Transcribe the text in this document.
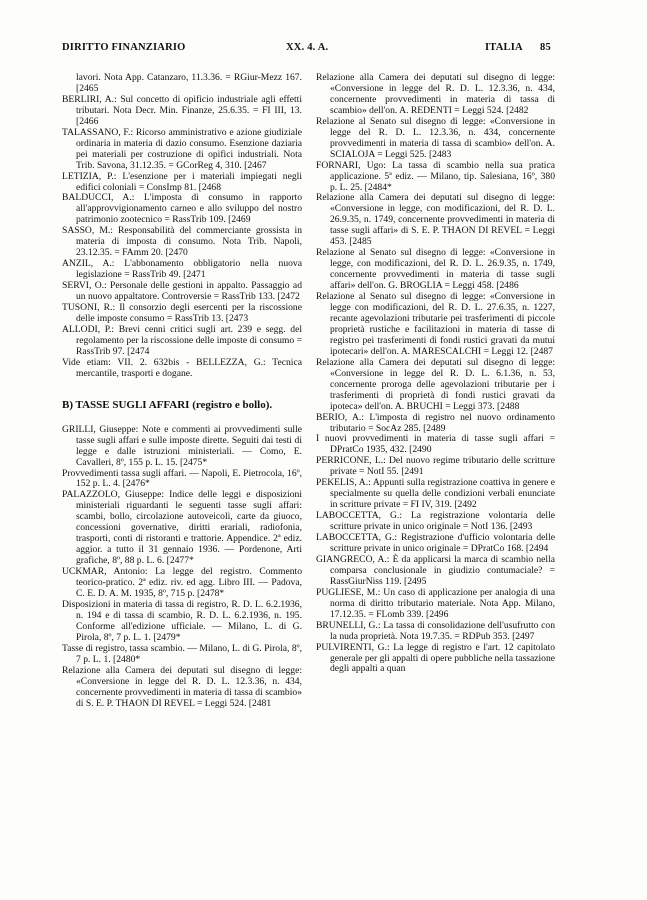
DIRITTO FINANZIARIO	XX. 4. A.	ITALIA 85

lavori. Nota App. Catanzaro, 11.3.36. = RGiur-Mezz 167. [2465

BERLIRI, A.: Sul concetto di opificio industriale agli effetti tributari. Nota Decr. Min. Finanze, 25.6.35. = FI III, 13. [2466

TALASSANO, F.: Ricorso amministrativo e azione giudiziale ordinaria in materia di dazio consumo. Esenzione daziaria pei materiali per costruzione di opifici industriali. Nota Trib. Savona, 31.12.35. = GCorReg 4, 310. [2467

LETIZIA, P.: L'esenzione per i materiali impiegati negli edifici coloniali = ConsImp 81. [2468

BALDUCCI, A.: L'imposta di consumo in rapporto all'approvvigionamento carneo e allo sviluppo del nostro patrimonio zootecnico = RassTrib 109. [2469

SASSO, M.: Responsabilità del commerciante grossista in materia di imposta di consumo. Nota Trib. Napoli, 23.12.35. = FAmm 20. [2470

ANZIL, A.: L'abbonamento obbligatorio nella nuova legislazione = RassTrib 49. [2471

SERVI, O.: Personale delle gestioni in appalto. Passaggio ad un nuovo appaltatore. Controversie = RassTrib 133. [2472

TUSONI, R.: Il consorzio degli esercenti per la riscossione delle imposte consumo = RassTrib 13. [2473

ALLODI, P.: Brevi cenni critici sugli art. 239 e segg. del regolamento per la riscossione delle imposte di consumo = RassTrib 97. [2474

Vide etiam: VII. 2. 632bis - BELLEZZA, G.: Tecnica mercantile, trasporti e dogane.

B) TASSE SUGLI AFFARI (registro e bollo).

GRILLI, Giuseppe: Note e commenti ai provvedimenti sulle tasse sugli affari e sulle imposte dirette. Seguiti dai testi di legge e dalle istruzioni ministeriali. — Como, E. Cavalleri, 8º, 155 p. L. 15. [2475*

Provvedimenti tassa sugli affari. — Napoli, E. Pietrocola, 16º, 152 p. L. 4. [2476*

PALAZZOLO, Giuseppe: Indice delle leggi e disposizioni ministeriali riguardanti le seguenti tasse sugli affari: scambi, bollo, circolazione autoveicoli, carte da giuoco, concessioni governative, diritti erariali, radiofonia, trasporti, conti di ristoranti e trattorie. Appendice. 2ª ediz. aggior. a tutto il 31 gennaio 1936. — Pordenone, Arti grafiche, 8º, 88 p. L. 6. [2477*

UCKMAR, Antonio: La legge del registro. Commento teorico-pratico. 2ª ediz. riv. ed agg. Libro III. — Padova, C. E. D. A. M. 1935, 8º, 715 p. [2478*

Disposizioni in materia di tassa di registro, R. D. L. 6.2.1936, n. 194 e di tassa di scambio, R. D. L. 6.2.1936, n. 195. Conforme all'edizione ufficiale. — Milano, L. di G. Pirola, 8º, 7 p. L. 1. [2479*

Tasse di registro, tassa scambio. — Milano, L. di G. Pirola, 8º, 7 p. L. 1. [2480*

Relazione alla Camera dei deputati sul disegno di legge: «Conversione in legge del R. D. L. 12.3.36, n. 434, concernente provvedimenti in materia di tassa di scambio» di S. E. P. THAON DI REVEL = Leggi 524. [2481

Relazione alla Camera dei deputati sul disegno di legge: «Conversione in legge del R. D. L. 12.3.36, n. 434, concernente provvedimenti in materia di tassa di scambio» dell'on. A. REDENTI = Leggi 524. [2482

Relazione al Senato sul disegno di legge: «Conversione in legge del R. D. L. 12.3.36, n. 434, concernente provvedimenti in materia di tassa di scambio» dell'on. A. SCIALOJA = Leggi 525. [2483

FORNARI, Ugo: La tassa di scambio nella sua pratica applicazione. 5ª ediz. — Milano, tip. Salesiana, 16º, 380 p. L. 25. [2484*

Relazione alla Camera dei deputati sul disegno di legge: «Conversione in legge, con modificazioni, del R. D. L. 26.9.35, n. 1749, concernente provvedimenti in materia di tasse sugli affari» di S. E. P. THAON DI REVEL = Leggi 453. [2485

Relazione al Senato sul disegno di legge: «Conversione in legge, con modificazioni, del R. D. L. 26.9.35, n. 1749, concernente provvedimenti in materia di tasse sugli affari» dell'on. G. BROGLIA = Leggi 458. [2486

Relazione al Senato sul disegno di legge: «Conversione in legge con modificazioni, del R. D. L. 27.6.35, n. 1227, recante agevolazioni tributarie pei trasferimenti di piccole proprietà rustiche e facilitazioni in materia di tasse di registro pei trasferimenti di fondi rustici gravati da mutui ipotecari» dell'on. A. MARESCALCHI = Leggi 12. [2487

Relazione alla Camera dei deputati sul disegno di legge: «Conversione in legge del R. D. L. 6.1.36, n. 53, concernente proroga delle agevolazioni tributarie per i trasferimenti di proprietà di fondi rustici gravati da ipoteca» dell'on. A. BRUCHI = Leggi 373. [2488

BERIO, A.: L'imposta di registro nel nuovo ordinamento tributario = SocAz 285. [2489

I nuovi provvedimenti in materia di tasse sugli affari = DPratCo 1935, 432. [2490

PERRICONE, L.: Del nuovo regime tributario delle scritture private = NotI 55. [2491

PEKELIS, A.: Appunti sulla registrazione coattiva in genere e specialmente su quella delle condizioni verbali enunciate in scritture private = FI IV, 319. [2492

LABOCCETTA, G.: La registrazione volontaria delle scritture private in unico originale = NotI 136. [2493

LABOCCETTA, G.: Registrazione d'ufficio volontaria delle scritture private in unico originale = DPratCo 168. [2494

GIANGRECO, A.: È da applicarsi la marca di scambio nella comparsa conclusionale in giudizio contumaciale? = RassGiurNiss 119. [2495

PUGLIESE, M.: Un caso di applicazione per analogia di una norma di diritto tributario materiale. Nota App. Milano, 17.12.35. = FLomb 339. [2496

BRUNELLI, G.: La tassa di consolidazione dell'usufrutto con la nuda proprietà. Nota 19.7.35. = RDPub 353. [2497

PULVIRENTI, G.: La legge di registro e l'art. 12 capitolato generale per gli appalti di opere pubbliche nella tassazione degli appalti a quan
